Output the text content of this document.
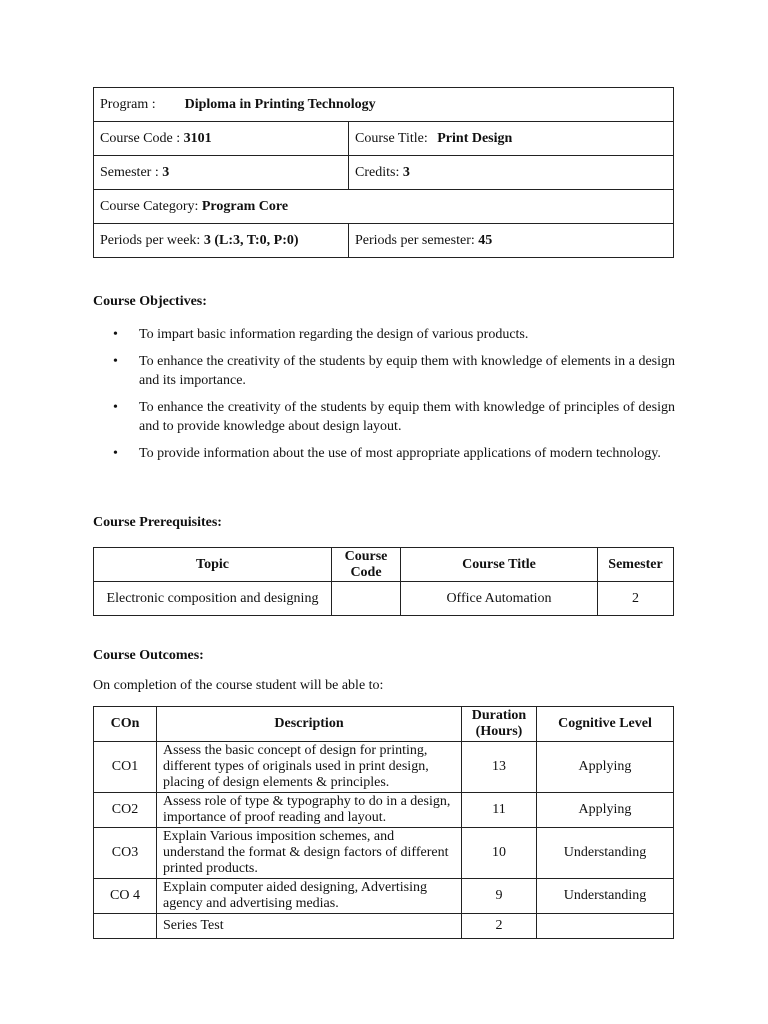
Program : Diploma in Printing Technology	
Course Code : 3101	Course Title: Print Design
Semester : 3	Credits: 3
Course Category: Program Core	
Periods per week: 3 (L:3, T:0, P:0)	Periods per semester: 45
Course Objectives:
• To impart basic information regarding the design of various products.
• To enhance the creativity of the students by equip them with knowledge of elements in a design and its importance.
• To enhance the creativity of the students by equip them with knowledge of principles of design and to provide knowledge about design layout.
• To provide information about the use of most appropriate applications of modern technology.
Course Prerequisites:
Topic	Course Code	Course Title	Semester
Electronic composition and designing		Office Automation	2
Course Outcomes:
On completion of the course student will be able to:
COn	Description	Duration (Hours)	Cognitive Level
CO1	Assess the basic concept of design for printing, different types of originals used in print design, placing of design elements & principles.	13	Applying
CO2	Assess role of type & typography to do in a design, importance of proof reading and layout.	11	Applying
CO3	Explain Various imposition schemes, and understand the format & design factors of different printed products.	10	Understanding
CO 4	Explain computer aided designing, Advertising agency and advertising medias.	9	Understanding
	Series Test	2	
